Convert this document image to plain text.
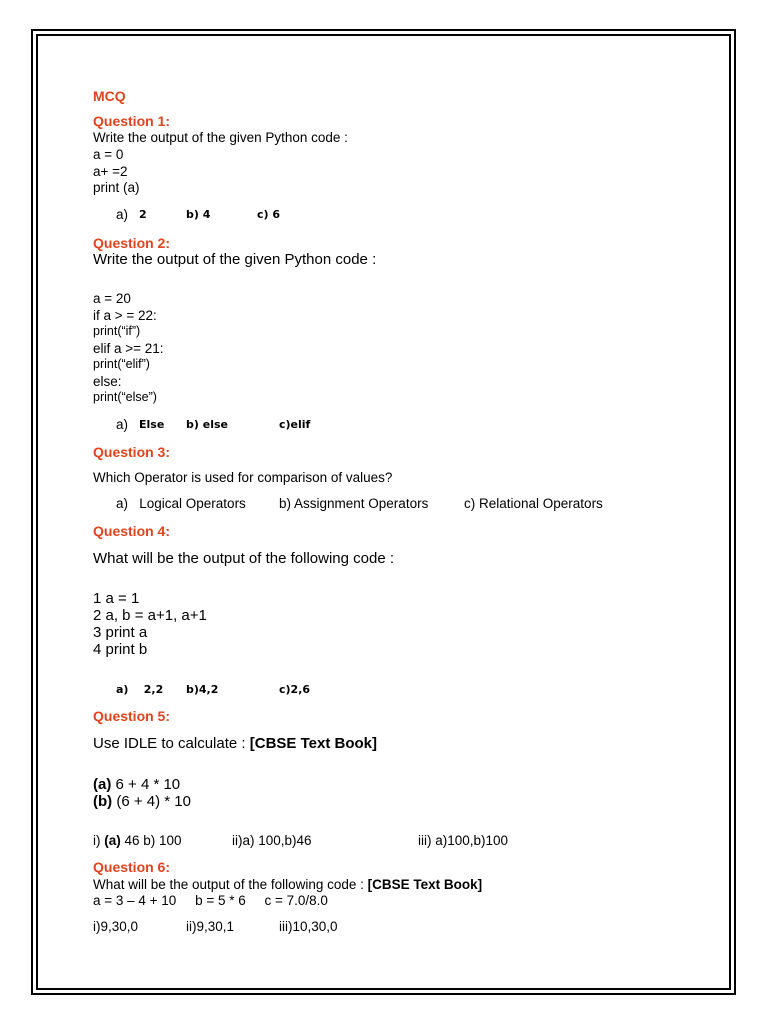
MCQ

Question 1:

Write the output of the given Python code :

a = 0

a+ =2

print (a)

a) 2	b) 4	c) 6

Question 2:

Write the output of the given Python code :

a = 20

if a > = 22:

print(“if”)

elif a >= 21:

print(“elif”)

else:

print(“else”)

a) Else b) else	c)elif

Question 3:

Which Operator is used for comparison of values?

a)   Logical Operators b) Assignment Operators	c) Relational Operators

Question 4:

What will be the output of the following code :

1 a = 1

2 a, b = a+1, a+1

3 print a

4 print b

a)    2,2 b)4,2	c)2,6

Question 5:

Use IDLE to calculate : [CBSE Text Book]

(a) 6 + 4 * 10

(b) (6 + 4) * 10

i) (a) 46 b) 100	ii)a) 100,b)46	iii) a)100,b)100

Question 6:

What will be the output of the following code : [CBSE Text Book]

a = 3 – 4 + 10     b = 5 * 6     c = 7.0/8.0

i)9,30,0	ii)9,30,1	iii)10,30,0
